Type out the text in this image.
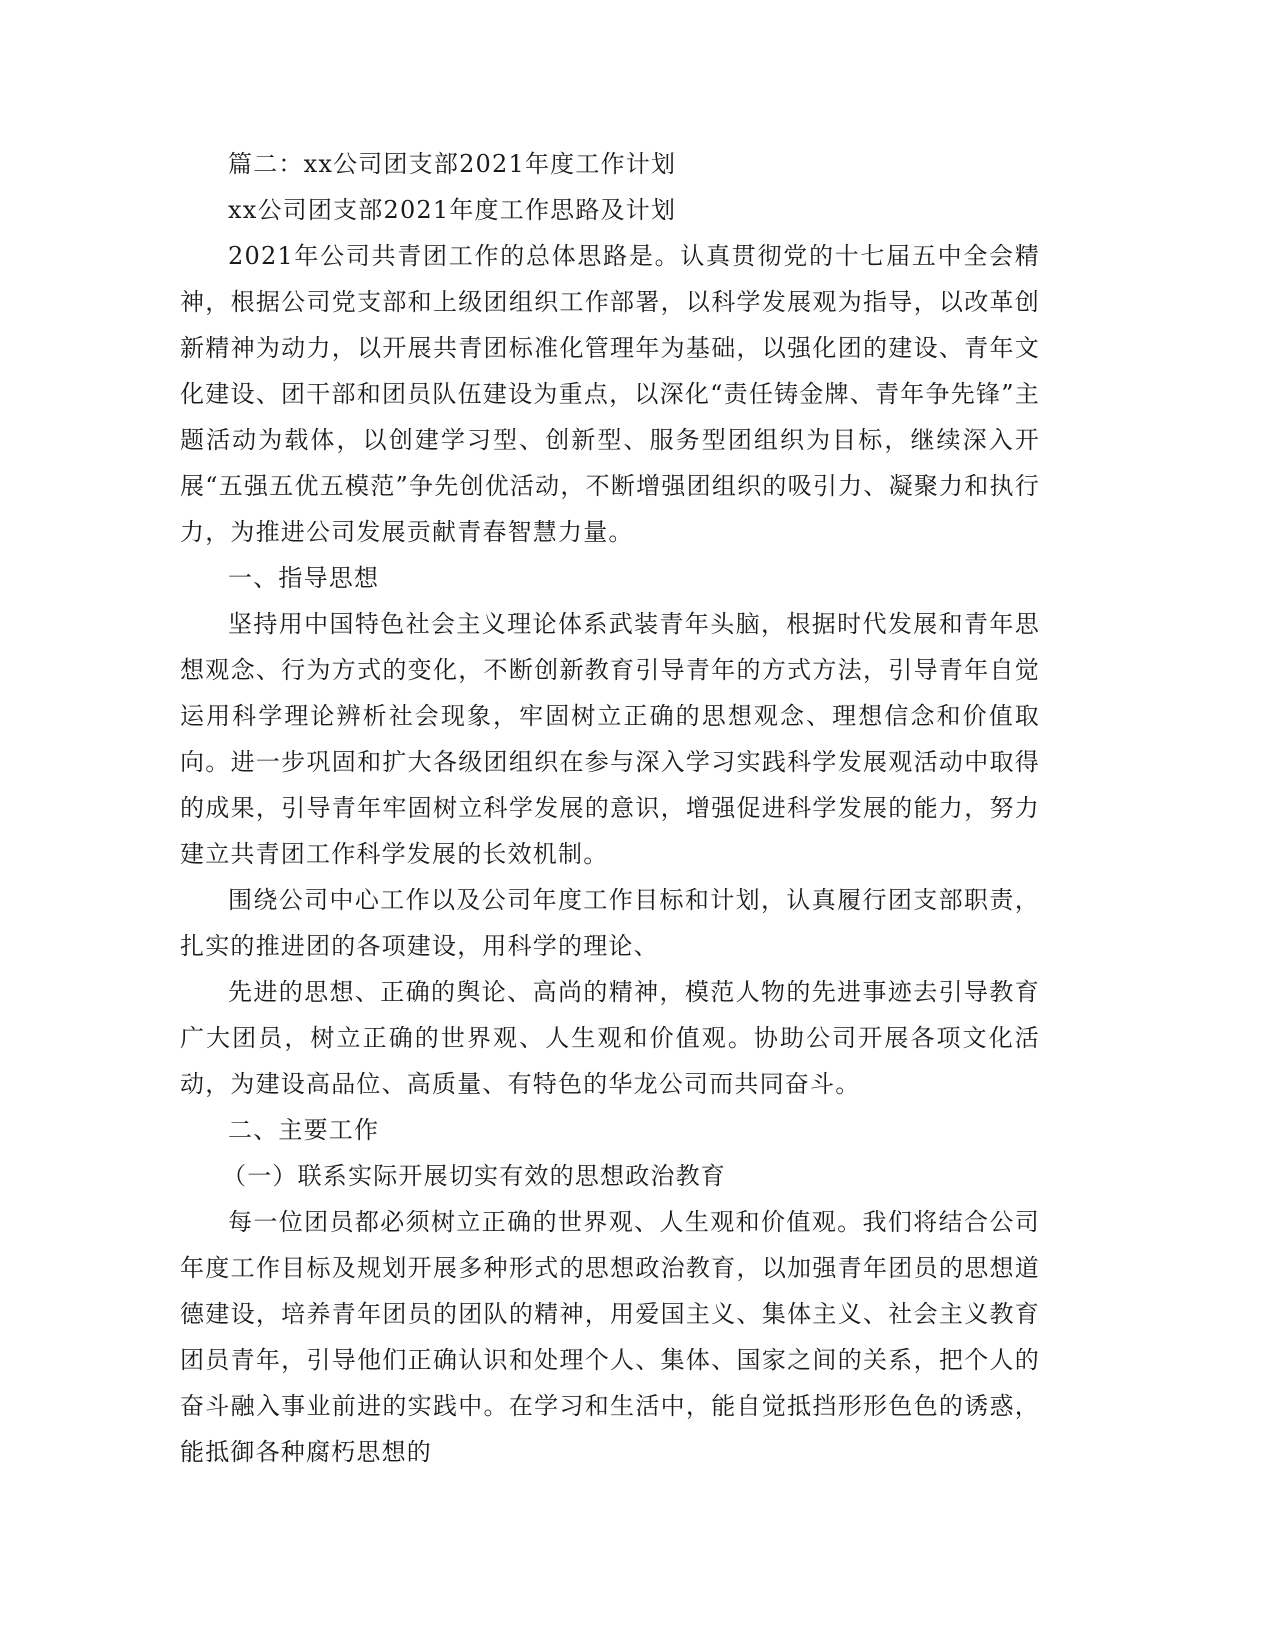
篇二：xx公司团支部2021年度工作计划

xx公司团支部2021年度工作思路及计划

2021年公司共青团工作的总体思路是。认真贯彻党的十七届五中全会精神，根据公司党支部和上级团组织工作部署，以科学发展观为指导，以改革创新精神为动力，以开展共青团标准化管理年为基础，以强化团的建设、青年文化建设、团干部和团员队伍建设为重点，以深化“责任铸金牌、青年争先锋”主题活动为载体，以创建学习型、创新型、服务型团组织为目标，继续深入开展“五强五优五模范”争先创优活动，不断增强团组织的吸引力、凝聚力和执行力，为推进公司发展贡献青春智慧力量。

一、指导思想

坚持用中国特色社会主义理论体系武装青年头脑，根据时代发展和青年思想观念、行为方式的变化，不断创新教育引导青年的方式方法，引导青年自觉运用科学理论辨析社会现象，牢固树立正确的思想观念、理想信念和价值取向。进一步巩固和扩大各级团组织在参与深入学习实践科学发展观活动中取得的成果，引导青年牢固树立科学发展的意识，增强促进科学发展的能力，努力建立共青团工作科学发展的长效机制。

围绕公司中心工作以及公司年度工作目标和计划，认真履行团支部职责，扎实的推进团的各项建设，用科学的理论、

先进的思想、正确的舆论、高尚的精神，模范人物的先进事迹去引导教育广大团员，树立正确的世界观、人生观和价值观。协助公司开展各项文化活动，为建设高品位、高质量、有特色的华龙公司而共同奋斗。

二、主要工作

（一）联系实际开展切实有效的思想政治教育

每一位团员都必须树立正确的世界观、人生观和价值观。我们将结合公司年度工作目标及规划开展多种形式的思想政治教育，以加强青年团员的思想道德建设，培养青年团员的团队的精神，用爱国主义、集体主义、社会主义教育团员青年，引导他们正确认识和处理个人、集体、国家之间的关系，把个人的奋斗融入事业前进的实践中。在学习和生活中，能自觉抵挡形形色色的诱惑，能抵御各种腐朽思想的
